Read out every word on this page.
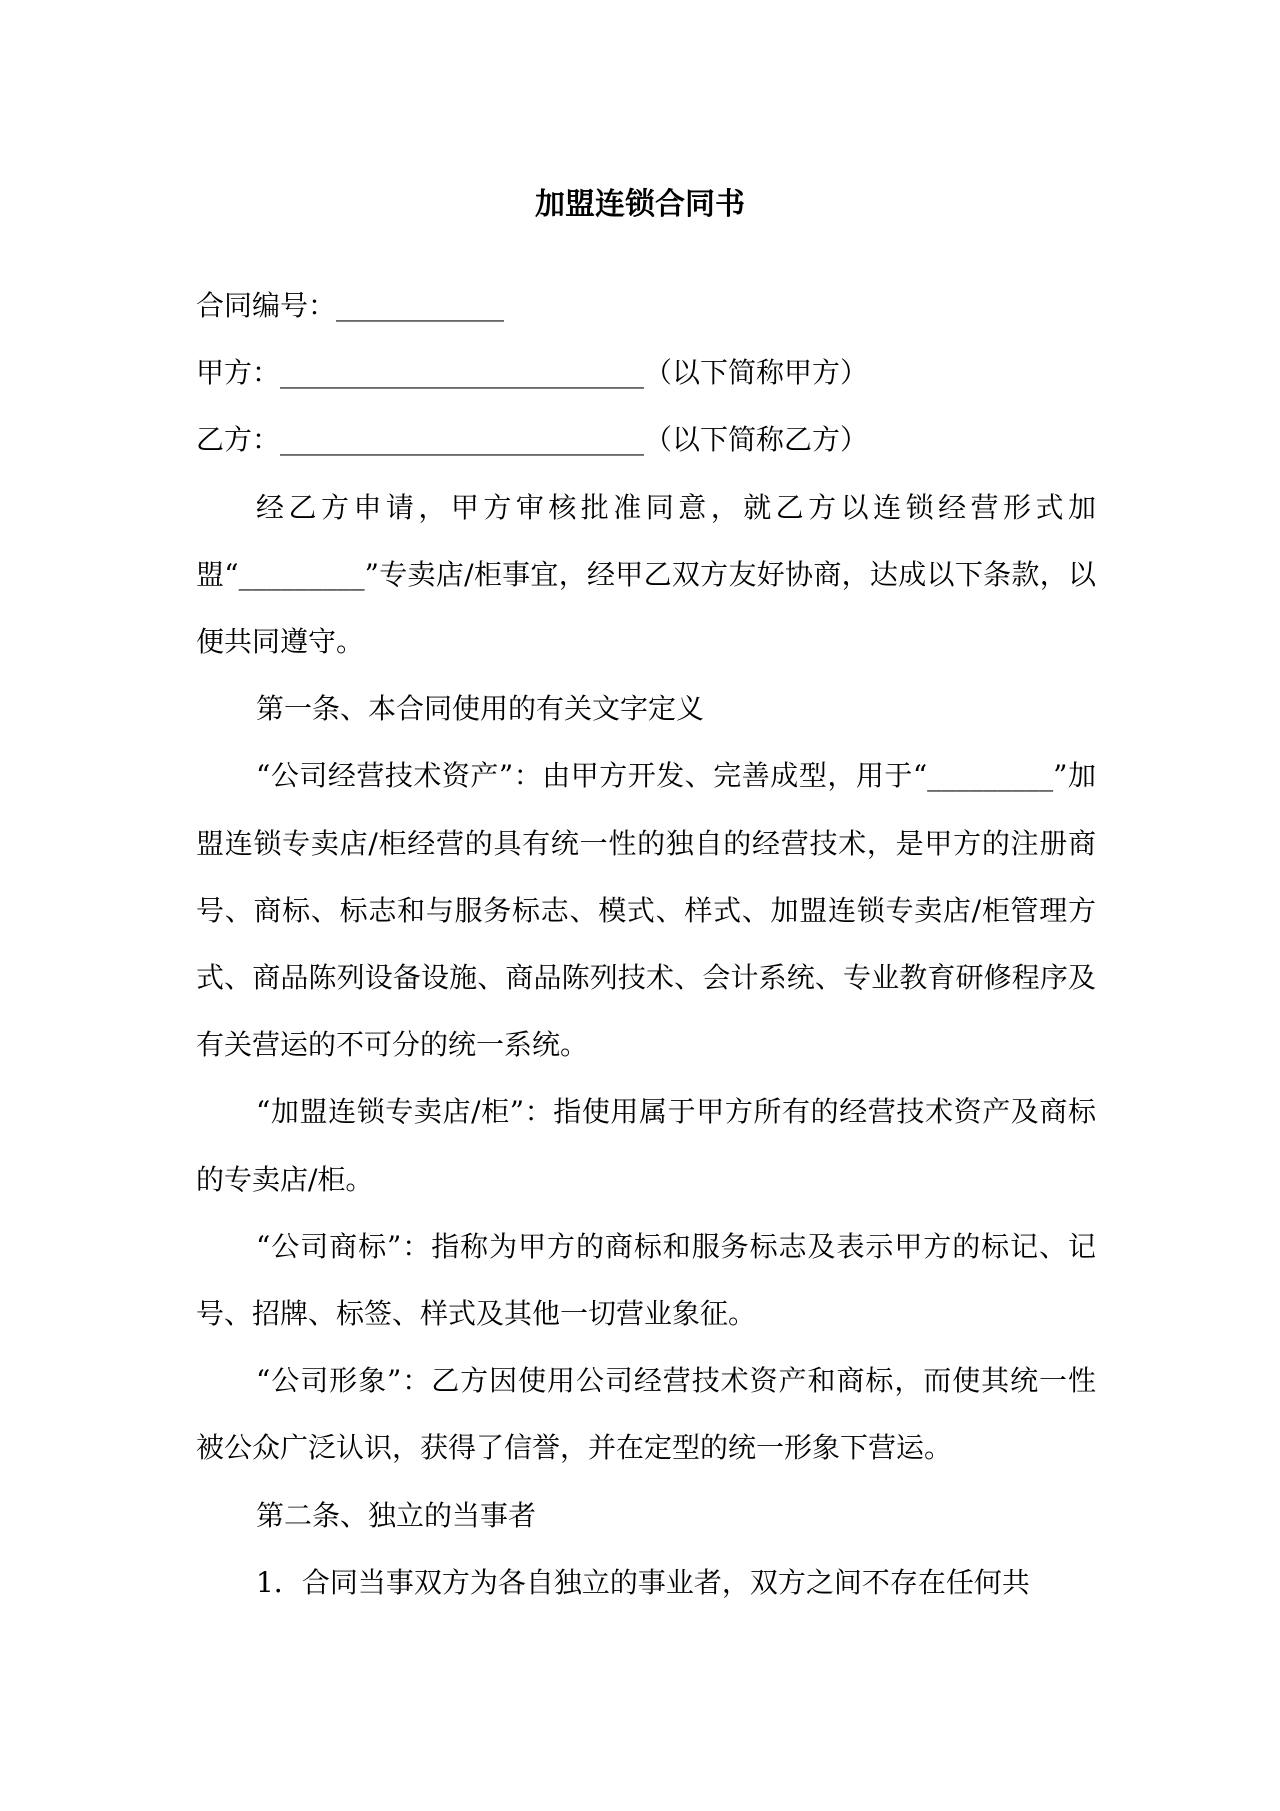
加盟连锁合同书

合同编号：____________

甲方：__________________________（以下简称甲方）

乙方：__________________________（以下简称乙方）

经乙方申请，甲方审核批准同意，就乙方以连锁经营形式加盟“_________”专卖店/柜事宜，经甲乙双方友好协商，达成以下条款，以便共同遵守。

第一条、本合同使用的有关文字定义

“公司经营技术资产”：由甲方开发、完善成型，用于“_________”加盟连锁专卖店/柜经营的具有统一性的独自的经营技术，是甲方的注册商号、商标、标志和与服务标志、模式、样式、加盟连锁专卖店/柜管理方式、商品陈列设备设施、商品陈列技术、会计系统、专业教育研修程序及有关营运的不可分的统一系统。

“加盟连锁专卖店/柜”：指使用属于甲方所有的经营技术资产及商标的专卖店/柜。

“公司商标”：指称为甲方的商标和服务标志及表示甲方的标记、记号、招牌、标签、样式及其他一切营业象征。

“公司形象”：乙方因使用公司经营技术资产和商标，而使其统一性被公众广泛认识，获得了信誉，并在定型的统一形象下营运。

第二条、独立的当事者

1．合同当事双方为各自独立的事业者，双方之间不存在任何共
